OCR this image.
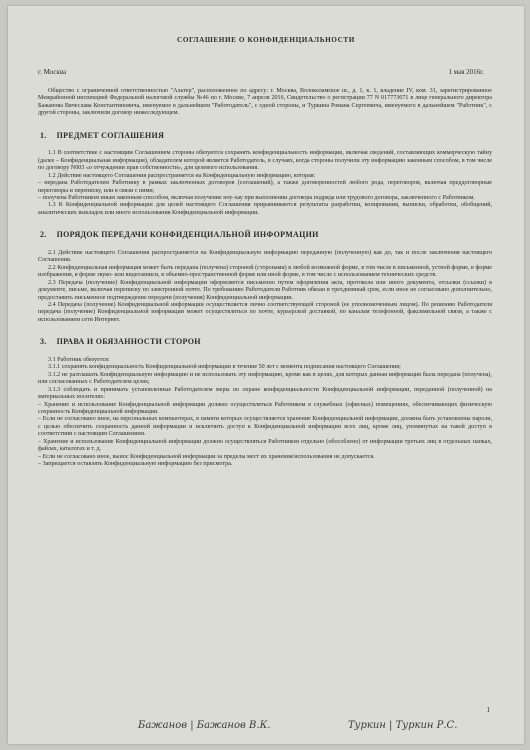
СОГЛАШЕНИЕ О КОНФИДЕНЦИАЛЬНОСТИ
г. Москва	1 мая 2016г.

Общество с ограниченной ответственностью "Альтер", расположенное по адресу: г. Москва, Волоколамское ш., д. 1, к. 1, владение IV, ком. 31, зарегистрированное Межрайонной инспекцией Федеральной налоговой службы №46 по г. Москве, 7 апреля 2016, Свидетельство о регистрации 77 N 017773671 в лице генерального директора Бажанова Вячеслава Константиновича, именуемое в дальнейшем "Работодатель", с одной стороны, и Туркина Романа Сергеевича, именуемого в дальнейшем "Работник", с другой стороны, заключили договор нижеследующем.

1. ПРЕДМЕТ СОГЛАШЕНИЯ

1.1 В соответствие с настоящим Соглашением стороны обязуются сохранять конфиденциальность информации, включая сведений, составляющих коммерческую тайну (далее – Конфиденциальная информация), обладателем которой является Работодатель, в случаях, когда стороны получили эту информацию законным способом, в том числе по договору N003 «о отчуждении прав собственности», для целевого использования.

1.2 Действие настоящего Соглашения распространяется на Конфиденциальную информацию, которая:

– передана Работодателем Работнику в рамках заключенных договоров (соглашений), а также договоренностей любого рода, переговоров, включая преддоговорные переговоры и переписку, или в связи с ними;

– получена Работником иным законным способом, включая получение ноу-хау при выполнении договора подряда или трудового договора, заключенного с Работником.

1.3 К Конфиденциальной информации для целей настоящего Соглашения приравниваются результаты разработки, копирования, выписки, обработки, обобщений, аналитических выкладок или иного использования Конфиденциальной информации.

2. ПОРЯДОК ПЕРЕДАЧИ КОНФИДЕНЦИАЛЬНОЙ ИНФОРМАЦИИ

2.1 Действие настоящего Соглашения распространяется на Конфиденциальную информацию переданную (полученную) как до, так и после заключения настоящего Соглашения.

2.2 Конфиденциальная информация может быть передана (получена) стороной (сторонами) в любой возможной форме, в том числе в письменной, устной форме, в форме изображения, в форме звуко- или видеозаписи, в объемно-пространственной форме или иной форме, в том числе с использованием технических средств.

2.3 Передача (получение) Конфиденциальной информации оформляется письменно путем оформления акта, протокола или иного документа, отсылки (ссылки) в документе, письме, включая переписку по электронной почте. По требованию Работодателя Работник обязан в трехдневный срок, если иное не согласовано дополнительно, предоставить письменное подтверждение передачи (получения) Конфиденциальной информации.

2.4 Передача (получение) Конфиденциальной информации осуществляется лично соответствующей стороной (ее уполномоченным лицом). По решению Работодателя передача (получение) Конфиденциальной информации может осуществляться по почте, курьерской доставкой, по каналам телефонной, факсимильной связи, а также с использованием сети Интернет.

3. ПРАВА И ОБЯЗАННОСТИ СТОРОН

3.1 Работник обязуется:

3.1.1 сохранять конфиденциальность Конфиденциальной информации в течение 50 лет с момента подписания настоящего Соглашения;

3.1.2 не разглашать Конфиденциальную информацию и не использовать эту информацию, кроме как в целях, для которых данная информация была передана (получена), или согласованных с Работодателем целях;

3.1.3 соблюдать и принимать установленные Работодателем меры по охране конфиденциальности Конфиденциальной информации, переданной (полученной) на материальных носителях:

– Хранение и использование Конфиденциальной информации должно осуществляться Работником в служебных (офисных) помещениях, обеспечивающих физическую сохранность Конфиденциальной информации.

– Если не согласовано иное, на персональных компьютерах, в памяти которых осуществляется хранение Конфиденциальной информации, должны быть установлены пароли, с целью обеспечить сохранность данной информации и исключить доступ к Конфиденциальной информации всех лиц, кроме лиц, упомянутых на такой доступ в соответствии с настоящим Соглашением.

– Хранение и использование Конфиденциальной информации должно осуществляться Работником отдельно (обособлено) от информации третьих лиц в отдельных папках, файлах, каталогах и т. д.

– Если не согласовано иное, вынос Конфиденциальной информации за пределы мест их хранения/использования не допускается.

– Запрещается оставлять Конфиденциальную информацию без присмотра.

1
Бажанов | Бажанов В.К.	Туркин | Туркин Р.С.
